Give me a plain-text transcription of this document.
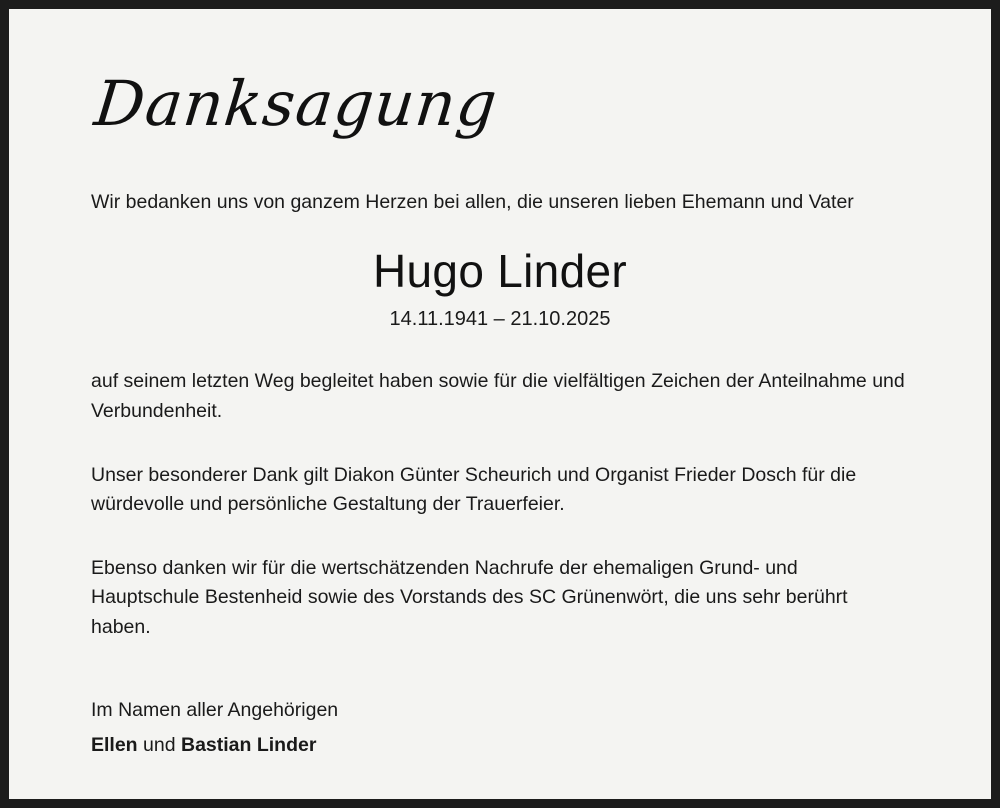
Danksagung
Wir bedanken uns von ganzem Herzen bei allen, die unseren lieben Ehemann und Vater
Hugo Linder
14.11.1941 – 21.10.2025
auf seinem letzten Weg begleitet haben sowie für die vielfältigen Zeichen der Anteilnahme und Verbundenheit.
Unser besonderer Dank gilt Diakon Günter Scheurich und Organist Frieder Dosch für die würdevolle und persönliche Gestaltung der Trauerfeier.
Ebenso danken wir für die wertschätzenden Nachrufe der ehemaligen Grund- und Hauptschule Bestenheid sowie des Vorstands des SC Grünenwört, die uns sehr berührt haben.
Im Namen aller Angehörigen
Ellen und Bastian Linder
